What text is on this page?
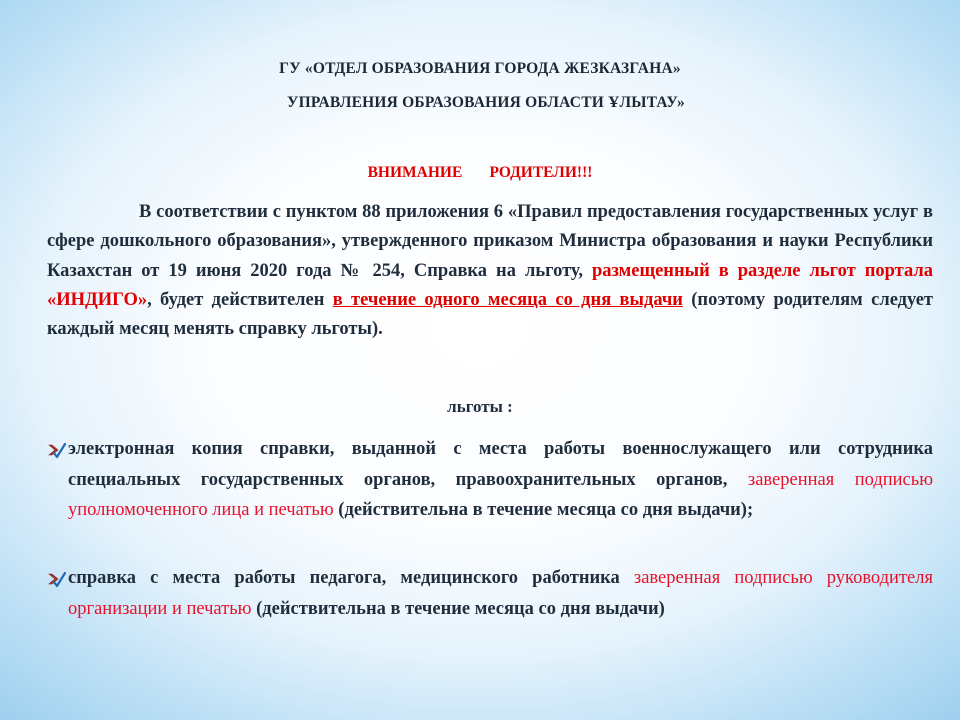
ГУ «ОТДЕЛ ОБРАЗОВАНИЯ ГОРОДА ЖЕЗКАЗГАНА»
УПРАВЛЕНИЯ ОБРАЗОВАНИЯ ОБЛАСТИ ҰЛЫТАУ»
ВНИМАНИЕ РОДИТЕЛИ!!!
В соответствии с пунктом 88 приложения 6 «Правил предоставления государственных услуг в сфере дошкольного образования», утвержденного приказом Министра образования и науки Республики Казахстан от 19 июня 2020 года № 254, Справка на льготу, размещенный в разделе льгот портала «ИНДИГО», будет действителен в течение одного месяца со дня выдачи (поэтому родителям следует каждый месяц менять справку льготы).
льготы :
электронная копия справки, выданной с места работы военнослужащего или сотрудника специальных государственных органов, правоохранительных органов, заверенная подписью уполномоченного лица и печатью (действительна в течение месяца со дня выдачи);
справка с места работы педагога, медицинского работника заверенная подписью руководителя организации и печатью (действительна в течение месяца со дня выдачи)
